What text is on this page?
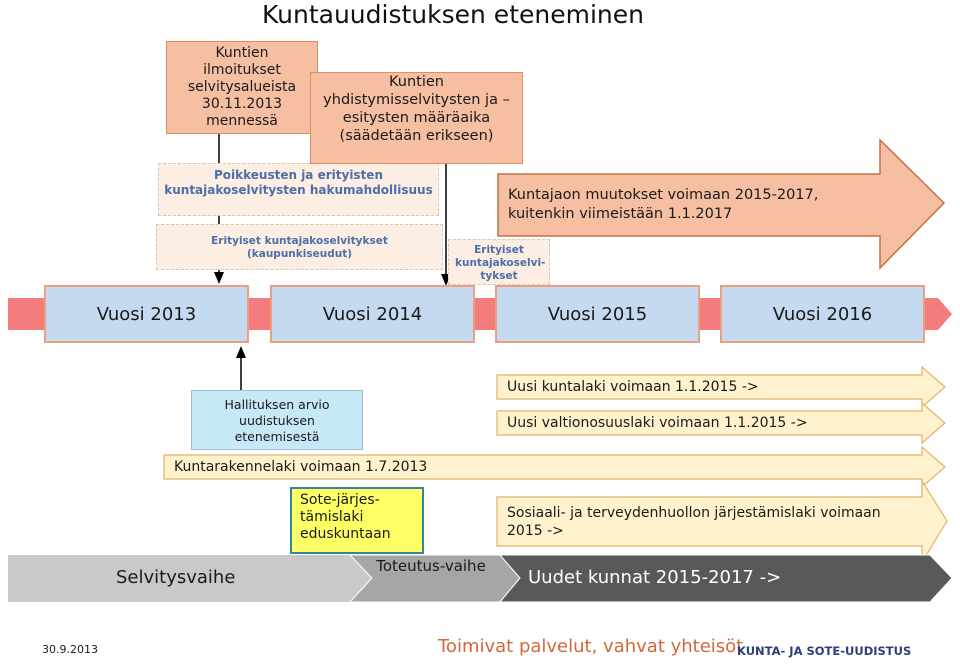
Kuntauudistuksen eteneminen
Poikkeusten ja erityisten kuntajakoselvitysten hakumahdollisuus
Erityiset kuntajakoselvitykset (kaupunkiseudut)	Erityiset kuntajakoselvi-tykset
Kuntien ilmoitukset selvitysalueista 30.11.2013 mennessä
Kuntien yhdistymisselvitysten ja –esitysten määräaika (säädetään erikseen)
Kuntajaon muutokset voimaan 2015-2017, kuitenkin viimeistään 1.1.2017
Vuosi 2013	Vuosi 2014	Vuosi 2015	Vuosi 2016
Hallituksen arvio uudistuksen etenemisestä
Uusi kuntalaki voimaan 1.1.2015 ->
Uusi valtionosuuslaki voimaan 1.1.2015 ->
Kuntarakennelaki voimaan 1.7.2013
Sosiaali- ja terveydenhuollon järjestämislaki voimaan 2015 ->
Sote-järjes-tämislaki eduskuntaan
Selvitysvaihe
Toteutus-vaihe
Uudet kunnat 2015-2017 ->
30.9.2013	Toimivat palvelut, vahvat yhteisöt
KUNTA- JA SOTE-UUDISTUS
